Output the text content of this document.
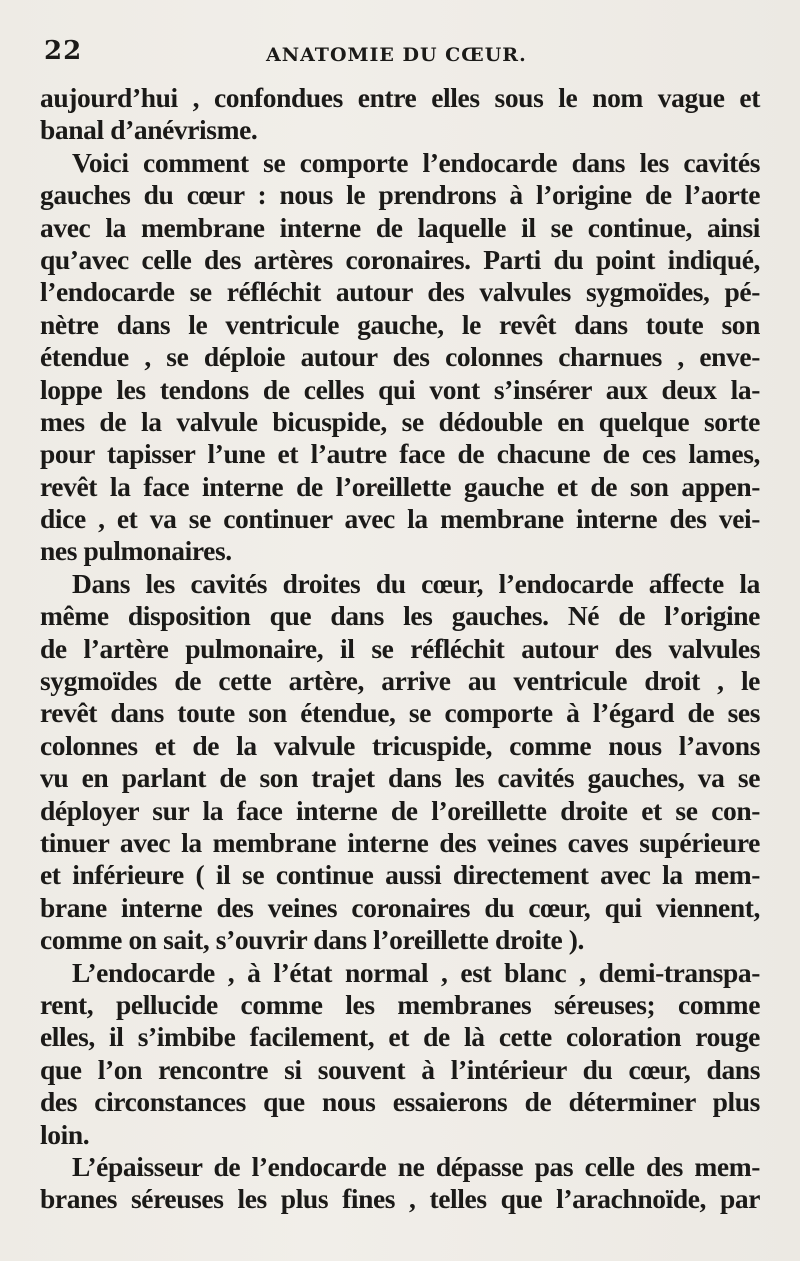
22	ANATOMIE DU CŒUR.
aujourd’hui , confondues entre elles sous le nom vague et
banal d’anévrisme.
Voici comment se comporte l’endocarde dans les cavités
gauches du cœur : nous le prendrons à l’origine de l’aorte
avec la membrane interne de laquelle il se continue, ainsi
qu’avec celle des artères coronaires. Parti du point indiqué,
l’endocarde se réfléchit autour des valvules sygmoïdes, pé-
nètre dans le ventricule gauche, le revêt dans toute son
étendue , se déploie autour des colonnes charnues , enve-
loppe les tendons de celles qui vont s’insérer aux deux la-
mes de la valvule bicuspide, se dédouble en quelque sorte
pour tapisser l’une et l’autre face de chacune de ces lames,
revêt la face interne de l’oreillette gauche et de son appen-
dice , et va se continuer avec la membrane interne des vei-
nes pulmonaires.
Dans les cavités droites du cœur, l’endocarde affecte la
même disposition que dans les gauches. Né de l’origine
de l’artère pulmonaire, il se réfléchit autour des valvules
sygmoïdes de cette artère, arrive au ventricule droit , le
revêt dans toute son étendue, se comporte à l’égard de ses
colonnes et de la valvule tricuspide, comme nous l’avons
vu en parlant de son trajet dans les cavités gauches, va se
déployer sur la face interne de l’oreillette droite et se con-
tinuer avec la membrane interne des veines caves supérieure
et inférieure ( il se continue aussi directement avec la mem-
brane interne des veines coronaires du cœur, qui viennent,
comme on sait, s’ouvrir dans l’oreillette droite ).
L’endocarde , à l’état normal , est blanc , demi-transpa-
rent, pellucide comme les membranes séreuses; comme
elles, il s’imbibe facilement, et de là cette coloration rouge
que l’on rencontre si souvent à l’intérieur du cœur, dans
des circonstances que nous essaierons de déterminer plus
loin.
L’épaisseur de l’endocarde ne dépasse pas celle des mem-
branes séreuses les plus fines , telles que l’arachnoïde, par
